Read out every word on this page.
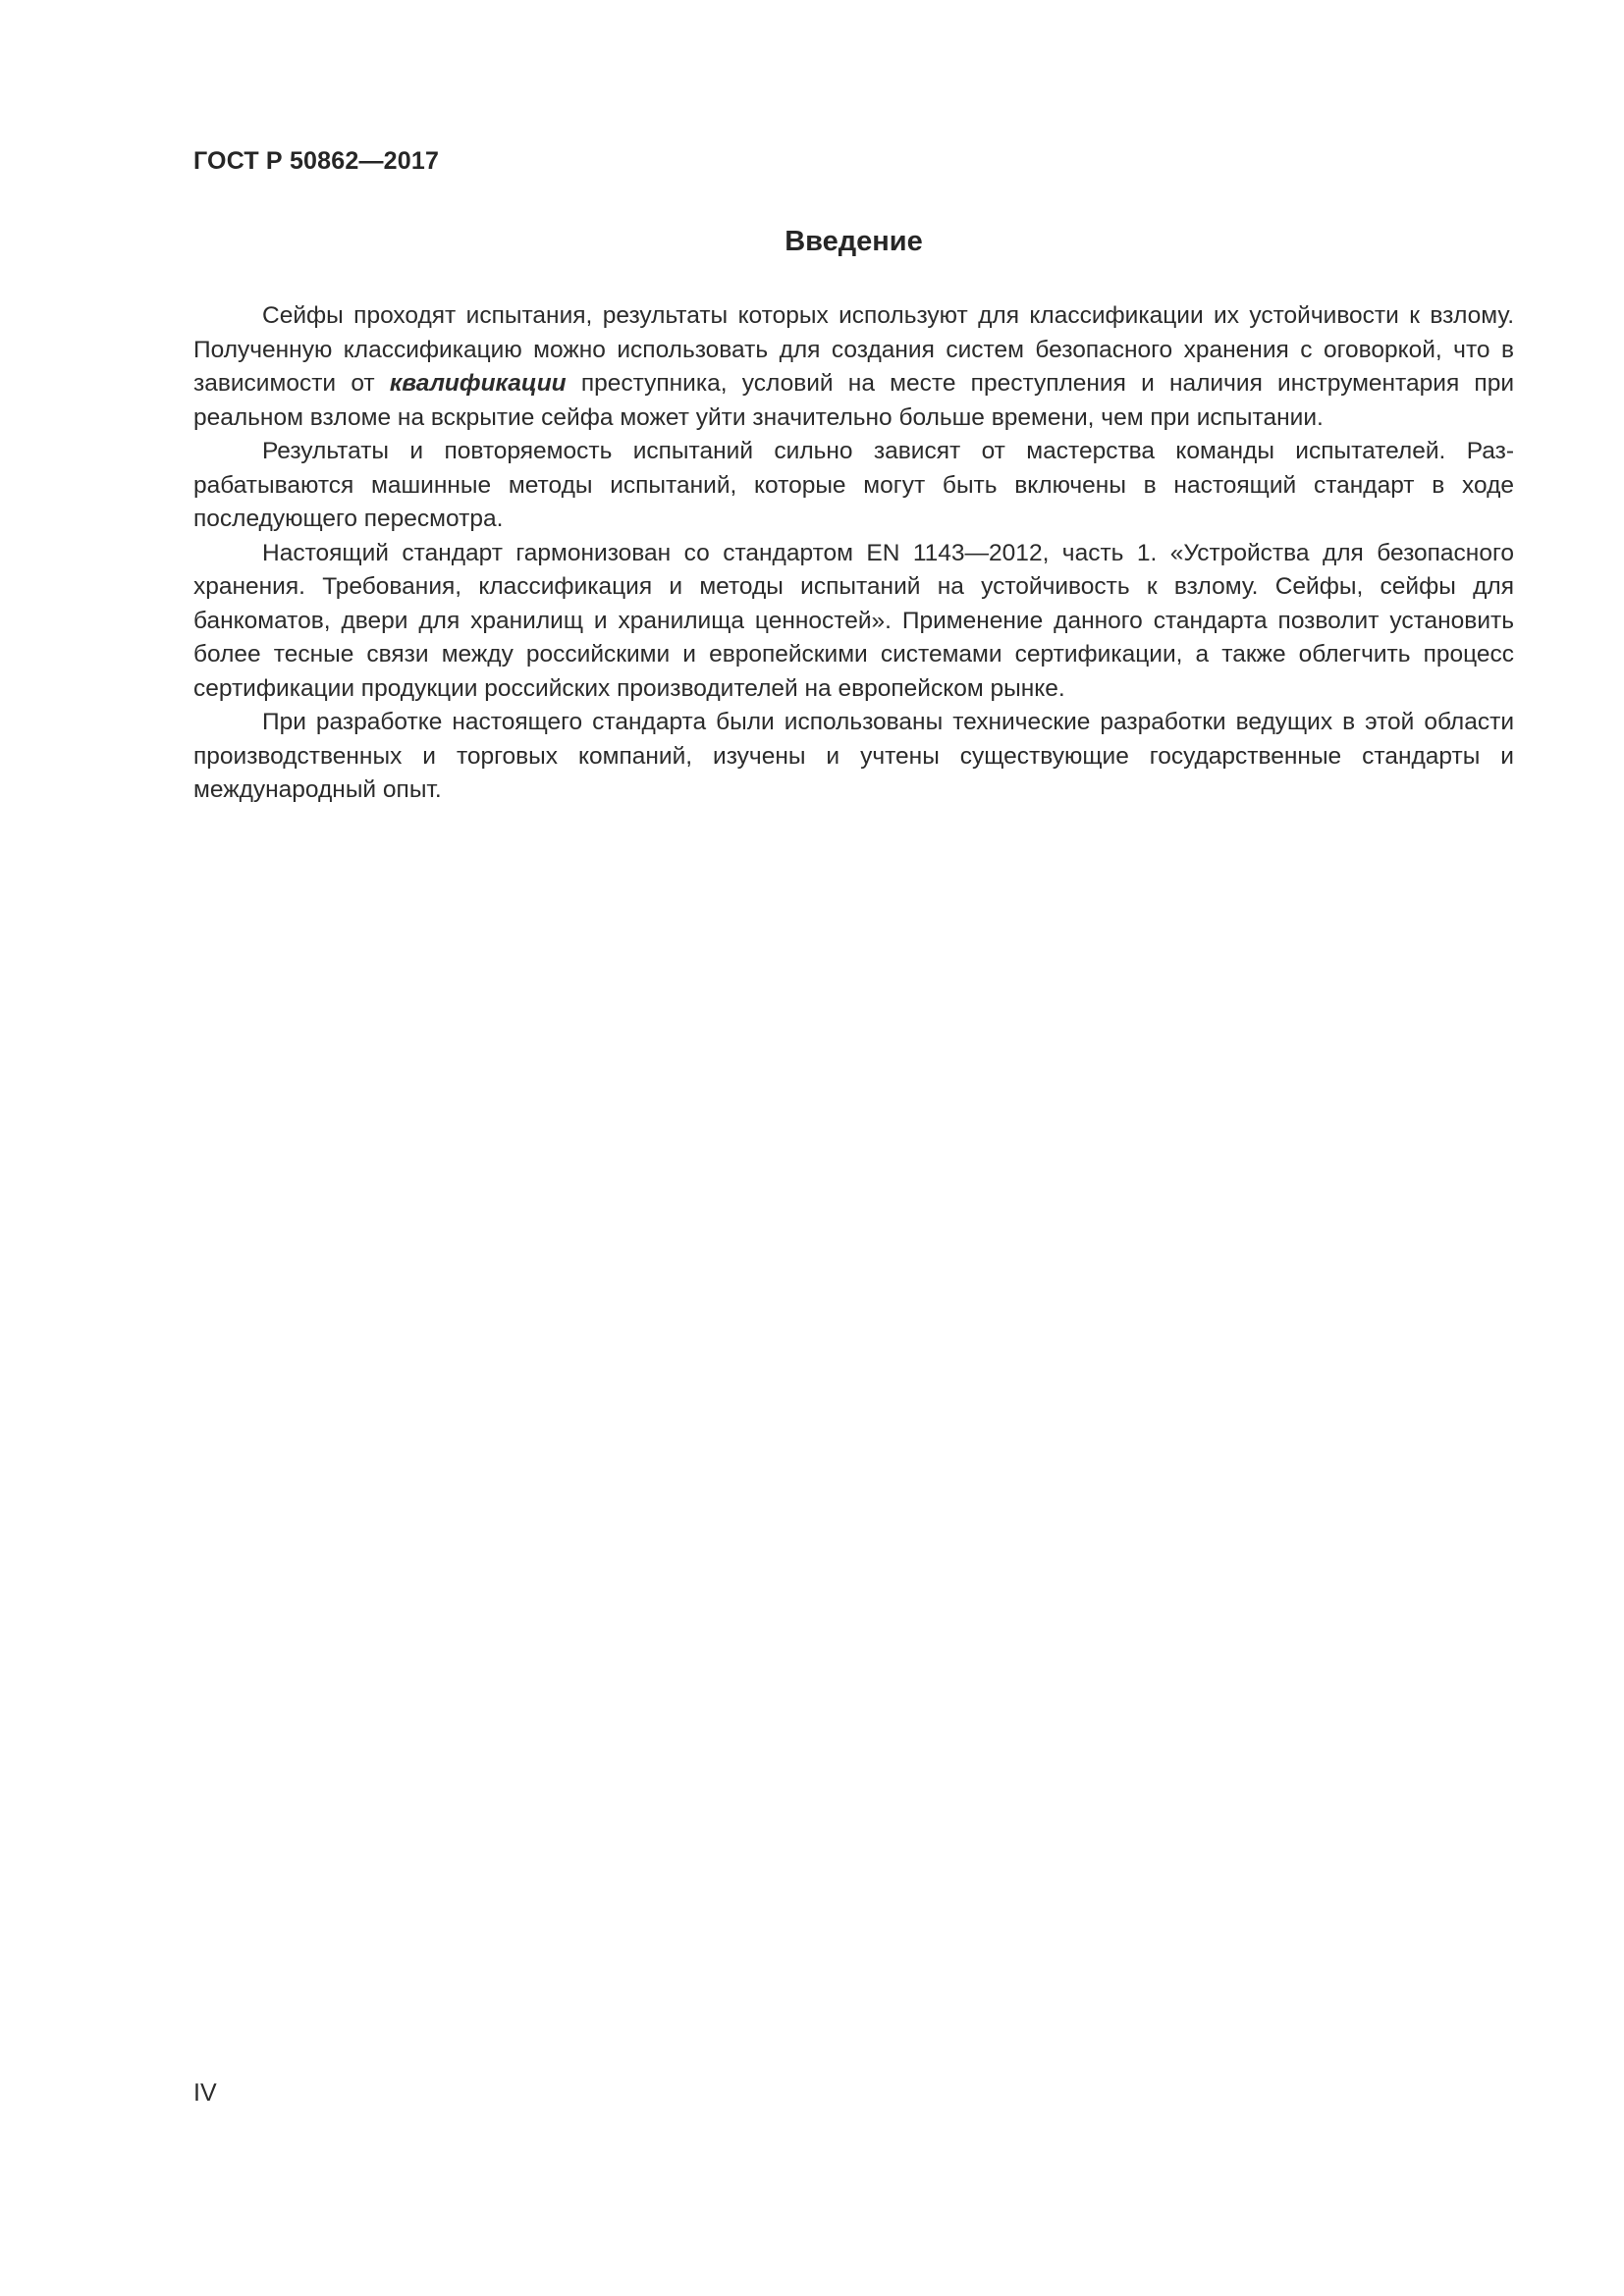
ГОСТ Р 50862—2017
Введение

Сейфы проходят испытания, результаты которых используют для классификации их устойчивости к взлому. Полученную классификацию можно использовать для создания систем безопасного хранения с оговоркой, что в зависимости от квалификации преступника, условий на месте преступления и наличия инструментария при реальном взломе на вскрытие сейфа может уйти значительно больше времени, чем при испытании.

Результаты и повторяемость испытаний сильно зависят от мастерства команды испытателей. Разрабатываются машинные методы испытаний, которые могут быть включены в настоящий стандарт в ходе последующего пересмотра.

Настоящий стандарт гармонизован со стандартом EN 1143—2012, часть 1. «Устройства для безопасного хранения. Требования, классификация и методы испытаний на устойчивость к взлому. Сейфы, сейфы для банкоматов, двери для хранилищ и хранилища ценностей». Применение данного стандарта позволит установить более тесные связи между российскими и европейскими системами сертификации, а также облегчить процесс сертификации продукции российских производителей на европейском рынке.

При разработке настоящего стандарта были использованы технические разработки ведущих в этой области производственных и торговых компаний, изучены и учтены существующие государственные стандарты и международный опыт.

IV
